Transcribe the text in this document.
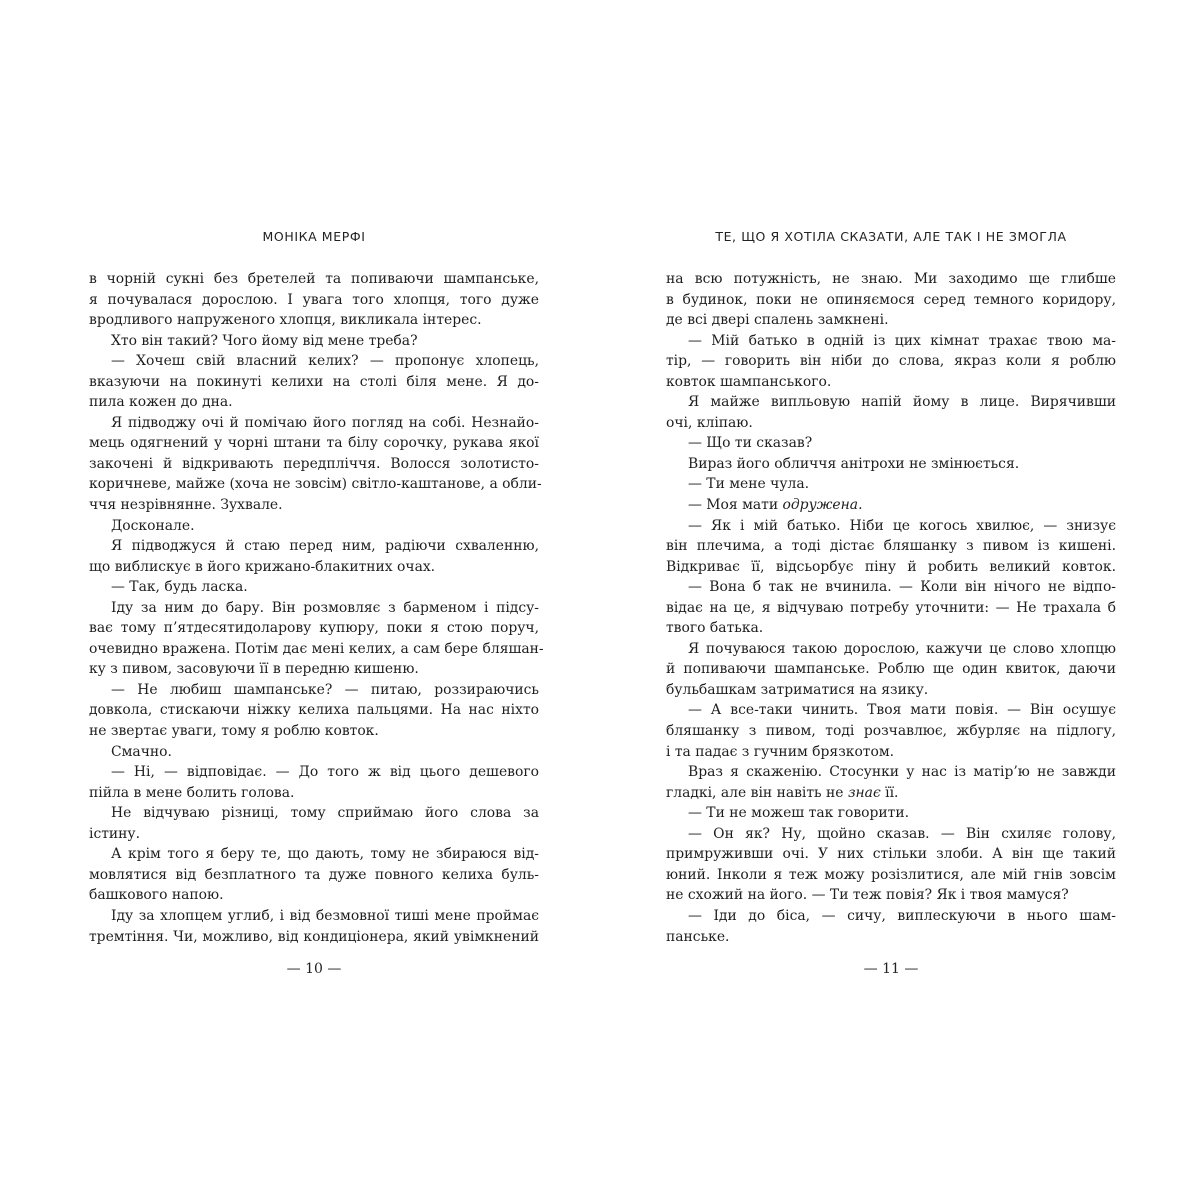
МОНІКА МЕРФІ
в чорній сукні без бретелей та попиваючи шампанське,
я почувалася дорослою. І увага того хлопця, того дуже
вродливого напруженого хлопця, викликала інтерес.
Хто він такий? Чого йому від мене треба?
— Хочеш свій власний келих? — пропонує хлопець,
вказуючи на покинуті келихи на столі біля мене. Я до-
пила кожен до дна.
Я підводжу очі й помічаю його погляд на собі. Незнайо-
мець одягнений у чорні штани та білу сорочку, рукава якої
закочені й відкривають передпліччя. Волосся золотисто-
коричневе, майже (хоча не зовсім) світло-каштанове, а обли-
ччя незрівнянне. Зухвале.
Досконале.
Я підводжуся й стаю перед ним, радіючи схваленню,
що виблискує в його крижано-блакитних очах.
— Так, будь ласка.
Іду за ним до бару. Він розмовляє з барменом і підсу-
ває тому п’ятдесятидоларову купюру, поки я стою поруч,
очевидно вражена. Потім дає мені келих, а сам бере бляшан-
ку з пивом, засовуючи її в передню кишеню.
— Не любиш шампанське? — питаю, роззираючись
довкола, стискаючи ніжку келиха пальцями. На нас ніхто
не звертає уваги, тому я роблю ковток.
Смачно.
— Ні, — відповідає. — До того ж від цього дешевого
пійла в мене болить голова.
Не відчуваю різниці, тому сприймаю його слова за
істину.
А крім того я беру те, що дають, тому не збираюся від-
мовлятися від безплатного та дуже повного келиха буль-
башкового напою.
Іду за хлопцем углиб, і від безмовної тиші мене проймає
тремтіння. Чи, можливо, від кондиціонера, який увімкнений
— 10 —
ТЕ, ЩО Я ХОТІЛА СКАЗАТИ, АЛЕ ТАК І НЕ ЗМОГЛА
на всю потужність, не знаю. Ми заходимо ще глибше
в будинок, поки не опиняємося серед темного коридору,
де всі двері спалень замкнені.
— Мій батько в одній із цих кімнат трахає твою ма-
тір, — говорить він ніби до слова, якраз коли я роблю
ковток шампанського.
Я майже випльовую напій йому в лице. Вирячивши
очі, кліпаю.
— Що ти сказав?
Вираз його обличчя анітрохи не змінюється.
— Ти мене чула.
— Моя мати одружена.
— Як і мій батько. Ніби це когось хвилює, — знизує
він плечима, а тоді дістає бляшанку з пивом із кишені.
Відкриває її, відсьорбує піну й робить великий ковток.
— Вона б так не вчинила. — Коли він нічого не відпо-
відає на це, я відчуваю потребу уточнити: — Не трахала б
твого батька.
Я почуваюся такою дорослою, кажучи це слово хлопцю
й попиваючи шампанське. Роблю ще один квиток, даючи
бульбашкам затриматися на язику.
— А все-таки чинить. Твоя мати повія. — Він осушує
бляшанку з пивом, тоді розчавлює, жбурляє на підлогу,
і та падає з гучним брязкотом.
Враз я скаженію. Стосунки у нас із матір’ю не завжди
гладкі, але він навіть не знає її.
— Ти не можеш так говорити.
— Он як? Ну, щойно сказав. — Він схиляє голову,
примруживши очі. У них стільки злоби. А він ще такий
юний. Інколи я теж можу розізлитися, але мій гнів зовсім
не схожий на його. — Ти теж повія? Як і твоя мамуся?
— Іди до біса, — сичу, виплескуючи в нього шам-
панське.
— 11 —
